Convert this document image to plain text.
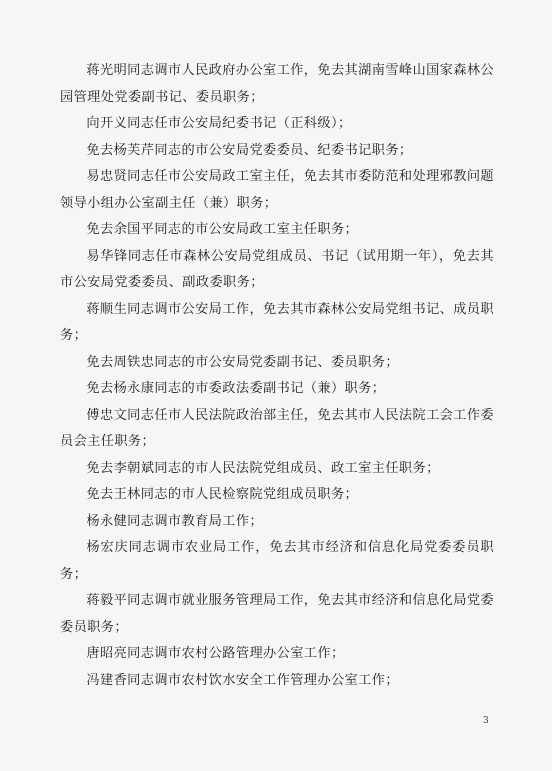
蒋光明同志调市人民政府办公室工作，免去其湖南雪峰山国家森林公园管理处党委副书记、委员职务；

向开义同志任市公安局纪委书记（正科级）；

免去杨芙芹同志的市公安局党委委员、纪委书记职务；

易忠贤同志任市公安局政工室主任，免去其市委防范和处理邪教问题领导小组办公室副主任（兼）职务；

免去余国平同志的市公安局政工室主任职务；

易华锋同志任市森林公安局党组成员、书记（试用期一年），免去其市公安局党委委员、副政委职务；

蒋顺生同志调市公安局工作，免去其市森林公安局党组书记、成员职务；

免去周铁忠同志的市公安局党委副书记、委员职务；

免去杨永康同志的市委政法委副书记（兼）职务；

傅忠文同志任市人民法院政治部主任，免去其市人民法院工会工作委员会主任职务；

免去李朝斌同志的市人民法院党组成员、政工室主任职务；

免去王林同志的市人民检察院党组成员职务；

杨永健同志调市教育局工作；

杨宏庆同志调市农业局工作，免去其市经济和信息化局党委委员职务；

蒋毅平同志调市就业服务管理局工作，免去其市经济和信息化局党委委员职务；

唐昭亮同志调市农村公路管理办公室工作；

冯建香同志调市农村饮水安全工作管理办公室工作；

3
